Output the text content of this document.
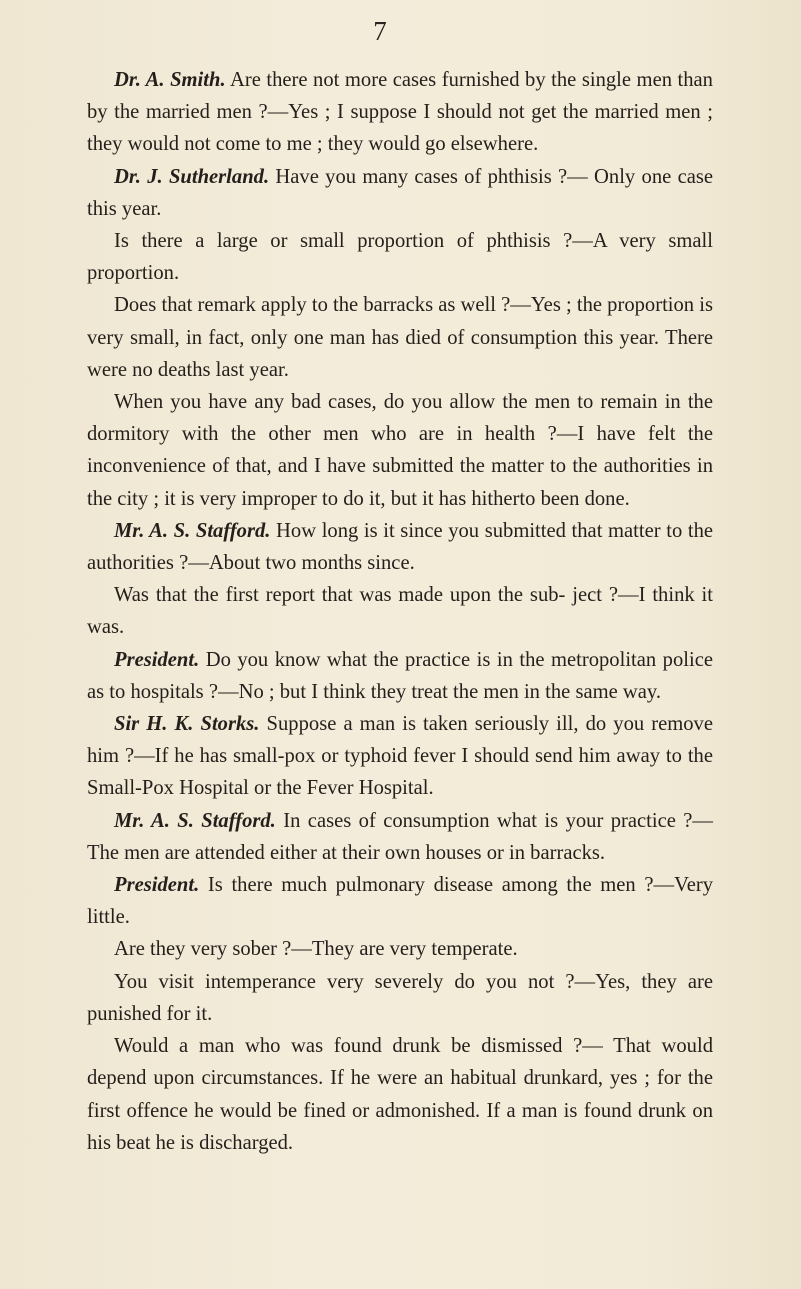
7

Dr. A. Smith. Are there not more cases furnished by the single men than by the married men ?—Yes ; I suppose I should not get the married men ; they would not come to me ; they would go elsewhere.

Dr. J. Sutherland. Have you many cases of phthisis ?— Only one case this year.

Is there a large or small proportion of phthisis ?—A very small proportion.

Does that remark apply to the barracks as well ?—Yes ; the proportion is very small, in fact, only one man has died of consumption this year. There were no deaths last year.

When you have any bad cases, do you allow the men to remain in the dormitory with the other men who are in health ?—I have felt the inconvenience of that, and I have submitted the matter to the authorities in the city ; it is very improper to do it, but it has hitherto been done.

Mr. A. S. Stafford. How long is it since you submitted that matter to the authorities ?—About two months since.

Was that the first report that was made upon the sub- ject ?—I think it was.

President. Do you know what the practice is in the metropolitan police as to hospitals ?—No ; but I think they treat the men in the same way.

Sir H. K. Storks. Suppose a man is taken seriously ill, do you remove him ?—If he has small-pox or typhoid fever I should send him away to the Small-Pox Hospital or the Fever Hospital.

Mr. A. S. Stafford. In cases of consumption what is your practice ?—The men are attended either at their own houses or in barracks.

President. Is there much pulmonary disease among the men ?—Very little.

Are they very sober ?—They are very temperate.

You visit intemperance very severely do you not ?—Yes, they are punished for it.

Would a man who was found drunk be dismissed ?— That would depend upon circumstances. If he were an habitual drunkard, yes ; for the first offence he would be fined or admonished. If a man is found drunk on his beat he is discharged.
